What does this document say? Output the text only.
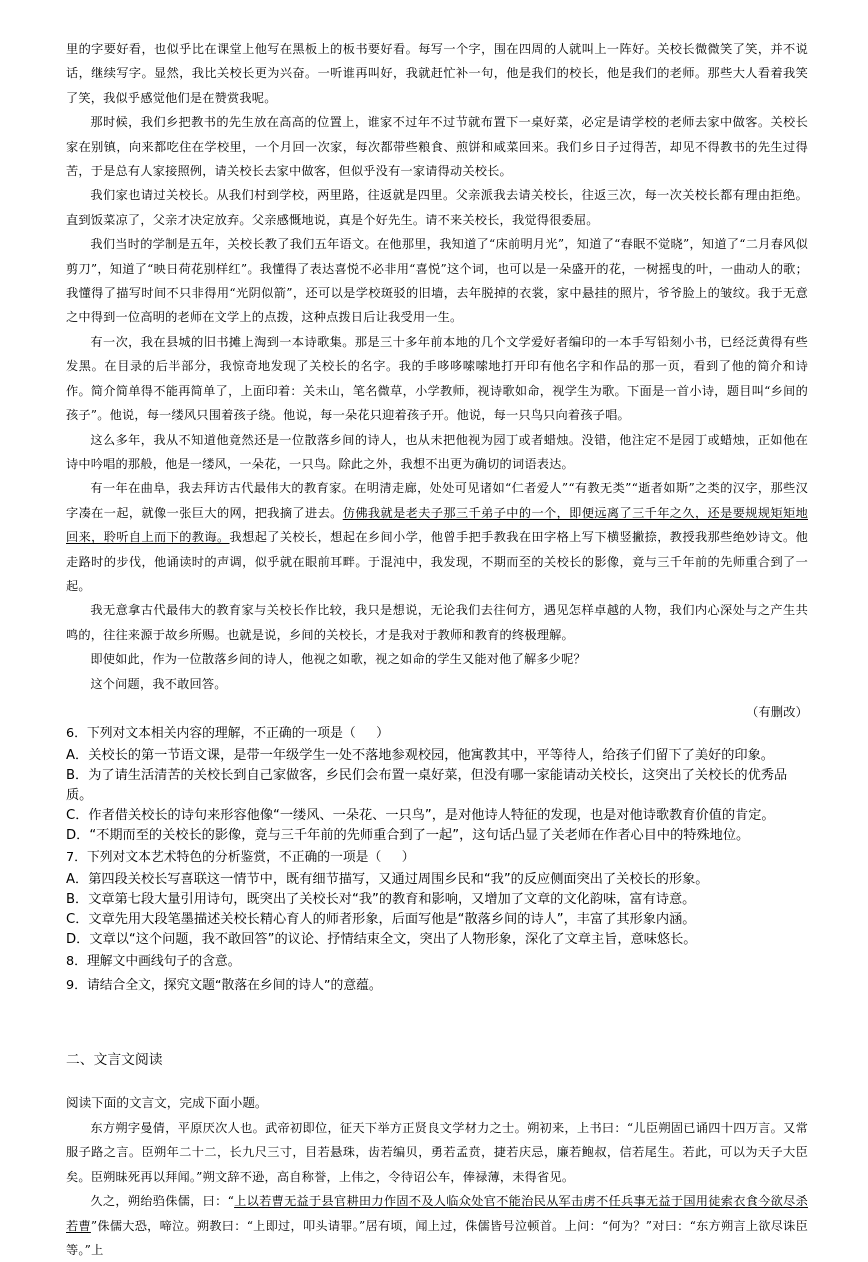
里的字要好看，也似乎比在课堂上他写在黑板上的板书要好看。每写一个字，围在四周的人就叫上一阵好。关校长微微笑了笑，并不说话，继续写字。显然，我比关校长更为兴奋。一听谁再叫好，我就赶忙补一句，他是我们的校长，他是我们的老师。那些大人看着我笑了笑，我似乎感觉他们是在赞赏我呢。

那时候，我们乡把教书的先生放在高高的位置上，谁家不过年不过节就布置下一桌好菜，必定是请学校的老师去家中做客。关校长家在别镇，向来都吃住在学校里，一个月回一次家，每次都带些粮食、煎饼和咸菜回来。我们乡日子过得苦，却见不得教书的先生过得苦，于是总有人家接照例，请关校长去家中做客，但似乎没有一家请得动关校长。

我们家也请过关校长。从我们村到学校，两里路，往返就是四里。父亲派我去请关校长，往返三次，每一次关校长都有理由拒绝。直到饭菜凉了，父亲才决定放弃。父亲感慨地说，真是个好先生。请不来关校长，我觉得很委屈。

我们当时的学制是五年，关校长教了我们五年语文。在他那里，我知道了“床前明月光”，知道了“春眠不觉晓”，知道了“二月春风似剪刀”，知道了“映日荷花别样红”。我懂得了表达喜悦不必非用“喜悦”这个词，也可以是一朵盛开的花，一树摇曳的叶，一曲动人的歌；我懂得了描写时间不只非得用“光阴似箭”，还可以是学校斑驳的旧墙，去年脱掉的衣裳，家中悬挂的照片，爷爷脸上的皱纹。我于无意之中得到一位高明的老师在文学上的点拨，这种点拨日后让我受用一生。

有一次，我在县城的旧书摊上淘到一本诗歌集。那是三十多年前本地的几个文学爱好者编印的一本手写铅刻小书，已经泛黄得有些发黑。在目录的后半部分，我惊奇地发现了关校长的名字。我的手哆哆嗦嗦地打开印有他名字和作品的那一页，看到了他的简介和诗作。简介简单得不能再简单了，上面印着：关未山，笔名微草，小学教师，视诗歌如命，视学生为歌。下面是一首小诗，题目叫“乡间的孩子”。他说，每一缕风只围着孩子绕。他说，每一朵花只迎着孩子开。他说，每一只鸟只向着孩子唱。

这么多年，我从不知道他竟然还是一位散落乡间的诗人，也从未把他视为园丁或者蜡烛。没错，他注定不是园丁或蜡烛，正如他在诗中吟唱的那般，他是一缕风，一朵花，一只鸟。除此之外，我想不出更为确切的词语表达。

有一年在曲阜，我去拜访古代最伟大的教育家。在明清走廊，处处可见诸如“仁者爱人”“有教无类”“逝者如斯”之类的汉字，那些汉字凑在一起，就像一张巨大的网，把我摘了进去。仿佛我就是老夫子那三千弟子中的一个，即便远离了三千年之久，还是要规规矩矩地回来，聆听自上而下的教诲。我想起了关校长，想起在乡间小学，他曾手把手教我在田字格上写下横竖撇捺，教授我那些绝妙诗文。他走路时的步伐，他诵读时的声调，似乎就在眼前耳畔。于混沌中，我发现，不期而至的关校长的影像，竟与三千年前的先师重合到了一起。

我无意拿古代最伟大的教育家与关校长作比较，我只是想说，无论我们去往何方，遇见怎样卓越的人物，我们内心深处与之产生共鸣的，往往来源于故乡所赐。也就是说，乡间的关校长，才是我对于教师和教育的终极理解。

即使如此，作为一位散落乡间的诗人，他视之如歌，视之如命的学生又能对他了解多少呢？

这个问题，我不敢回答。

（有删改）

6．下列对文本相关内容的理解，不正确的一项是（ ）

A．关校长的第一节语文课，是带一年级学生一处不落地参观校园，他寓教其中，平等待人，给孩子们留下了美好的印象。

B．为了请生活清苦的关校长到自己家做客，乡民们会布置一桌好菜，但没有哪一家能请动关校长，这突出了关校长的优秀品质。

C．作者借关校长的诗句来形容他像“一缕风、一朵花、一只鸟”，是对他诗人特征的发现，也是对他诗歌教育价值的肯定。

D．“不期而至的关校长的影像，竟与三千年前的先师重合到了一起”，这句话凸显了关老师在作者心目中的特殊地位。

7．下列对文本艺术特色的分析鉴赏，不正确的一项是（ ）

A．第四段关校长写喜联这一情节中，既有细节描写，又通过周围乡民和“我”的反应侧面突出了关校长的形象。

B．文章第七段大量引用诗句，既突出了关校长对“我”的教育和影响，又增加了文章的文化韵味，富有诗意。

C．文章先用大段笔墨描述关校长精心育人的师者形象，后面写他是“散落乡间的诗人”，丰富了其形象内涵。

D．文章以“这个问题，我不敢回答”的议论、抒情结束全文，突出了人物形象，深化了文章主旨，意味悠长。

8．理解文中画线句子的含意。

9．请结合全文，探究文题“散落在乡间的诗人”的意蕴。

二、文言文阅读

阅读下面的文言文，完成下面小题。

东方朔字曼倩，平原厌次人也。武帝初即位，征天下举方正贤良文学材力之士。朔初来，上书曰：“儿臣朔固已诵四十四万言。又常服子路之言。臣朔年二十二，长九尺三寸，目若悬珠，齿若编贝，勇若孟贲，捷若庆忌，廉若鲍叔，信若尾生。若此，可以为天子大臣矣。臣朔昧死再以拜闻。”朔文辞不逊，高自称誉，上伟之，令待诏公车，俸禄薄，未得省见。

久之，朔绐驺侏儒，曰：“上以若曹无益于县官耕田力作固不及人临众处官不能治民从军击虏不任兵事无益于国用徒索衣食今欲尽杀若曹”侏儒大恐，啼泣。朔教曰：“上即过，叩头请罪。”居有顷，闻上过，侏儒皆号泣顿首。上问：“何为？”对曰：“东方朔言上欲尽诛臣等。”上
